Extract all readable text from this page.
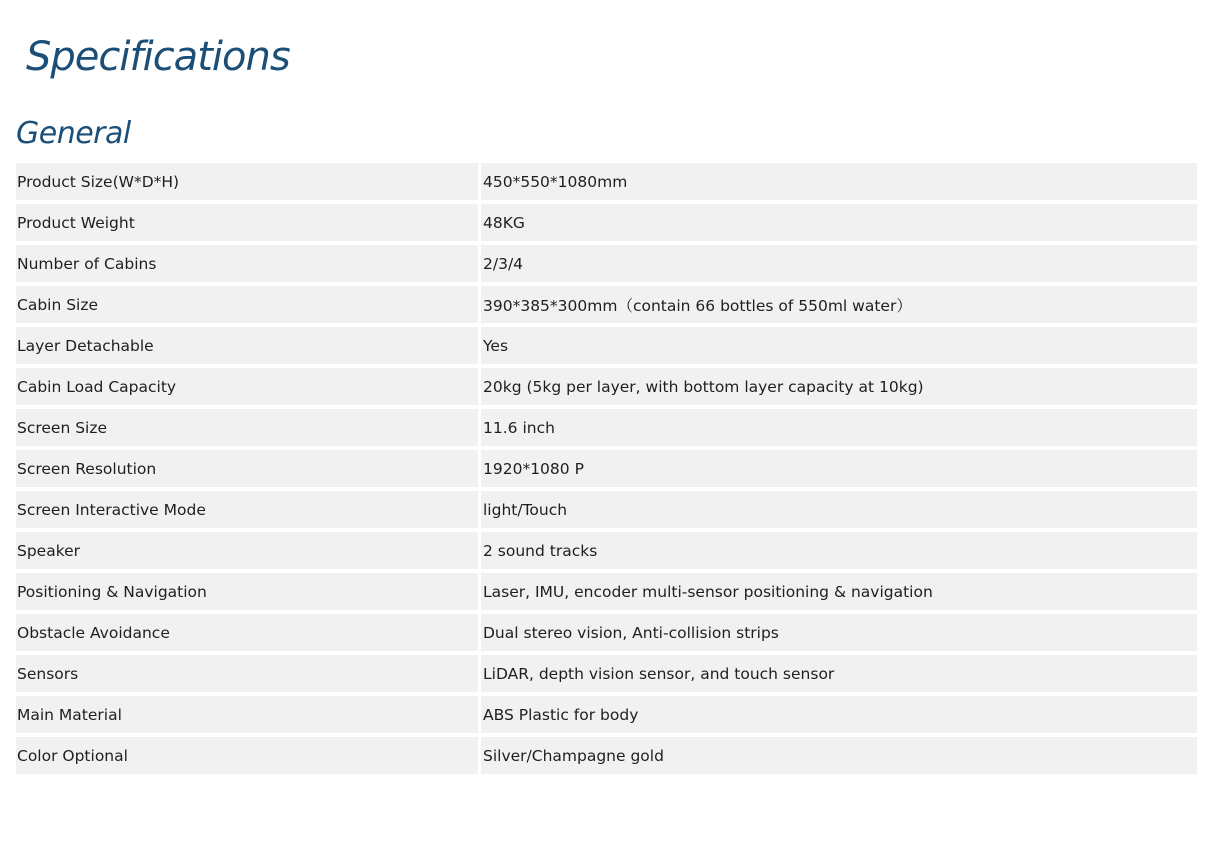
Specifications
General
Product Size(W*D*H)	450*550*1080mm
Product Weight	48KG
Number of Cabins	2/3/4
Cabin Size	390*385*300mm（contain 66 bottles of 550ml water）
Layer Detachable	Yes
Cabin Load Capacity	20kg (5kg per layer, with bottom layer capacity at 10kg)
Screen Size	11.6 inch
Screen Resolution	1920*1080 P
Screen Interactive Mode	light/Touch
Speaker	2 sound tracks
Positioning & Navigation	Laser, IMU, encoder multi-sensor positioning & navigation
Obstacle Avoidance	Dual stereo vision, Anti-collision strips
Sensors	LiDAR, depth vision sensor, and touch sensor
Main Material	ABS Plastic for body
Color Optional	Silver/Champagne gold
